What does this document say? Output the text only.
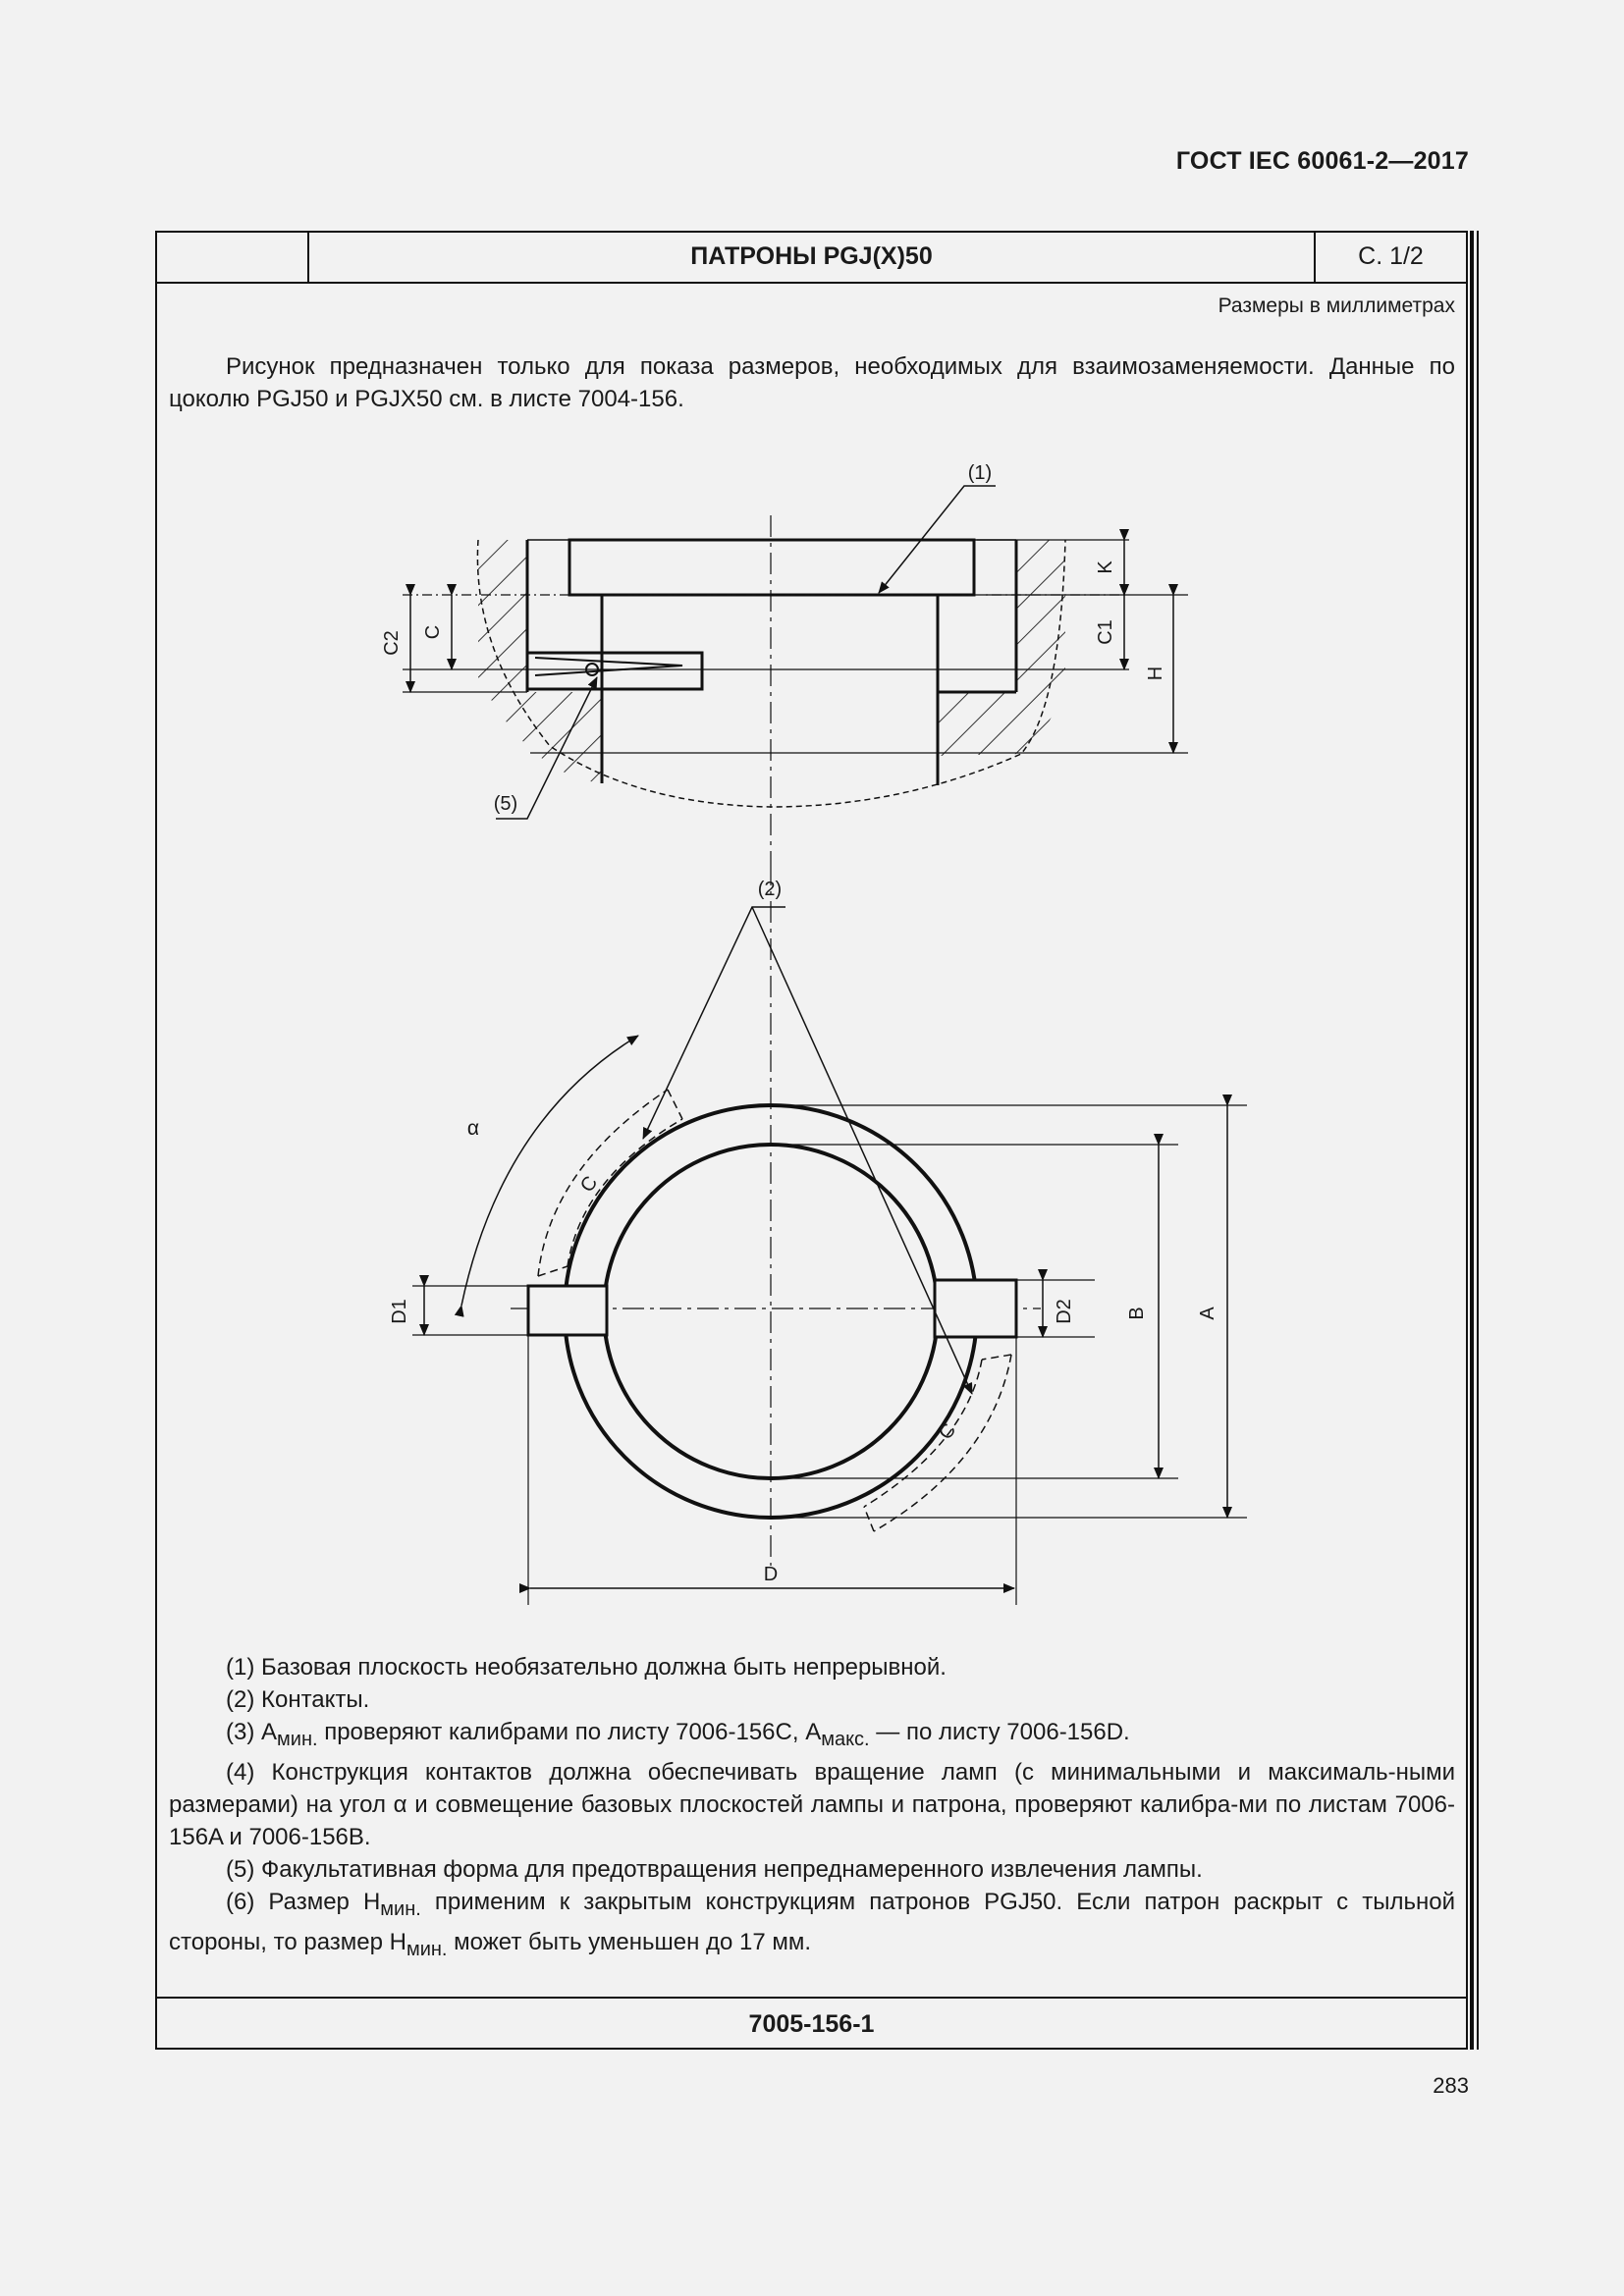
ГОСТ IEC 60061-2—2017
ПАТРОНЫ PGJ(X)50	С. 1/2
Размеры в миллиметрах

Рисунок предназначен только для показа размеров, необходимых для взаимозаменяемости. Данные по цоколю PGJ50 и PGJX50 см. в листе 7004-156.

(1)
(5)
K
C1
H
C
C2
(2)
α
C
C
D1	D2	B	A
D

(1) Базовая плоскость необязательно должна быть непрерывной.

(2) Контакты.

(3) $А_{мин.}$ проверяют калибрами по листу 7006-156C, $А_{макс.}$ — по листу 7006-156D.

(4) Конструкция контактов должна обеспечивать вращение ламп (с минимальными и максималь-ными размерами) на угол α и совмещение базовых плоскостей лампы и патрона, проверяют калибра-ми по листам 7006-156A и 7006-156B.

(5) Факультативная форма для предотвращения непреднамеренного извлечения лампы.

(6) Размер $H_{мин.}$ применим к закрытым конструкциям патронов PGJ50. Если патрон раскрыт с тыльной стороны, то размер $H_{мин.}$ может быть уменьшен до 17 мм.

7005-156-1
283
